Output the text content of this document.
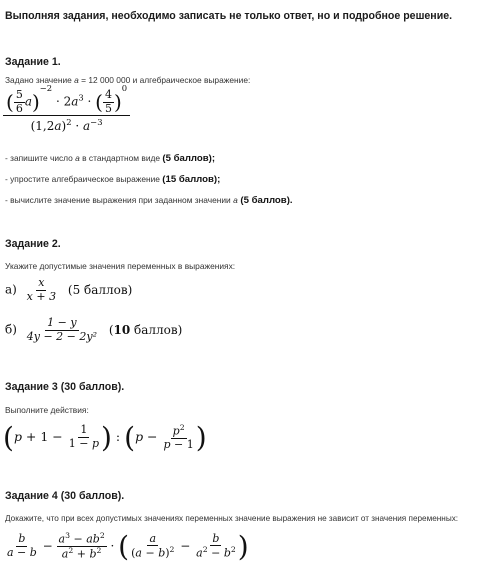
Выполняя задания, необходимо записать не только ответ, но и подробное решение.
Задание 1.
Задано значение a = 12 000 000 и алгебраическое выражение:
$\frac{( \frac{5}{6} a)^{-2} \cdot 2a^3 \cdot ( \frac{4}{5} )^0}{(1,2a)^2 \cdot a^{-3}}$
- запишите число a в стандартном виде (5 баллов);
- упростите алгебраическое выражение (15 баллов);
- вычислите значение выражения при заданном значении a (5 баллов).
Задание 2.
Укажите допустимые значения переменных в выражениях:
$а) \frac{x}{x + 3} (5$ баллов)
$б) \frac{1 - y}{\text{4y − 2 − 2y²}} (10$ баллов)
Задание 3 (30 баллов).
Выполните действия:
($p + 1 - \frac{1}{1 - p}$ ) : ($p - \frac{p^2}{p - 1}$ )
Задание 4 (30 баллов).
Докажите, что при всех допустимых значениях переменных значение выражения не зависит от значения переменных:
$\frac{b}{a - b} - \frac{a^3 - ab^2}{a^2 + b^2}$ · ( $\frac{a}{(a - b)^2} - \frac{b}{a^2 - b^2}$ )
